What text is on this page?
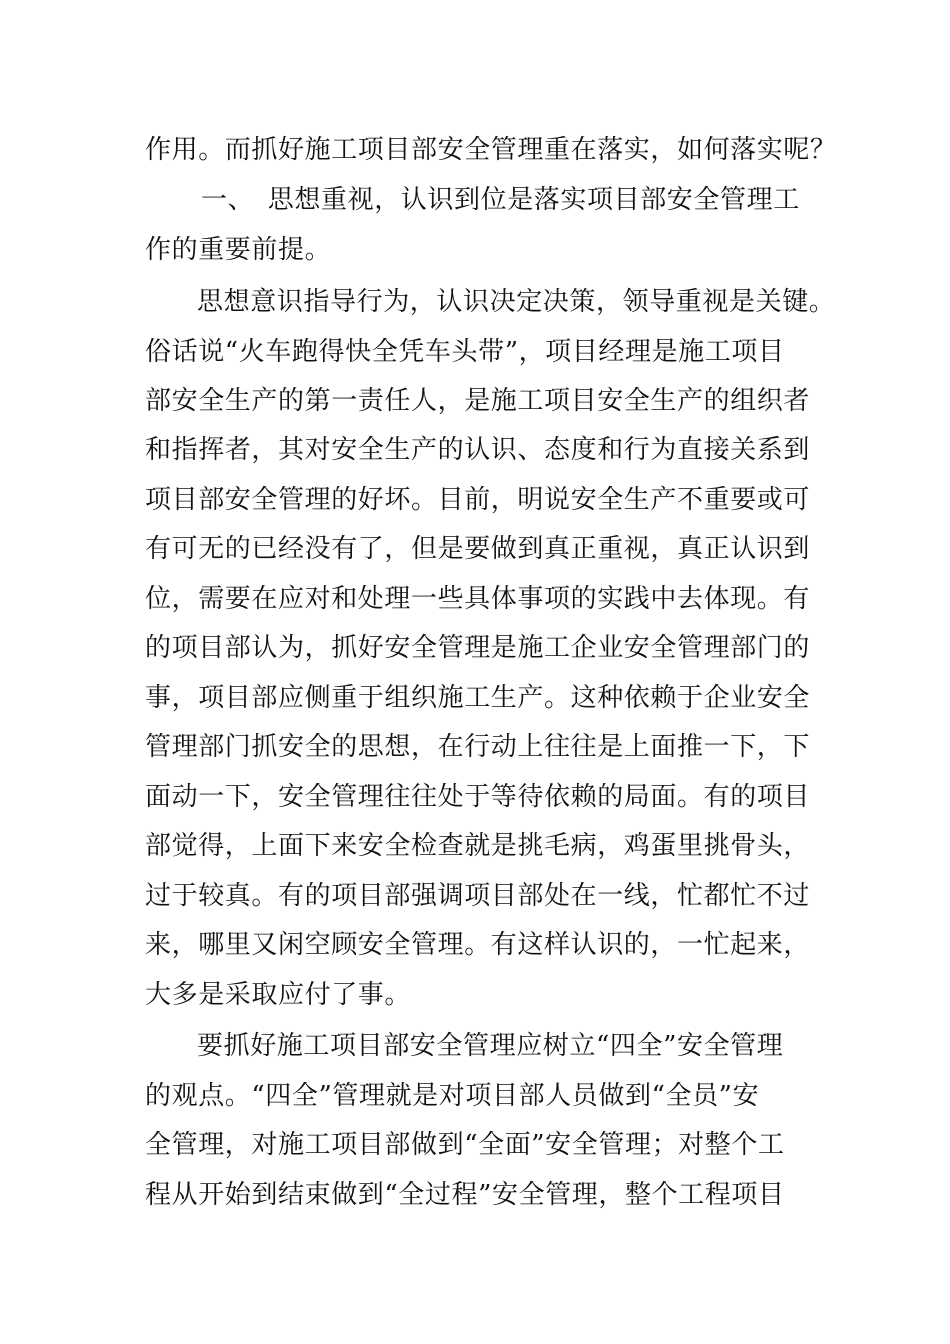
作用。而抓好施工项目部安全管理重在落实，如何落实呢？
一、　思想重视，认识到位是落实项目部安全管理工
作的重要前提。
思想意识指导行为，认识决定决策，领导重视是关键。
俗话说“火车跑得快全凭车头带”，项目经理是施工项目
部安全生产的第一责任人，是施工项目安全生产的组织者
和指挥者，其对安全生产的认识、态度和行为直接关系到
项目部安全管理的好坏。目前，明说安全生产不重要或可
有可无的已经没有了，但是要做到真正重视，真正认识到
位，需要在应对和处理一些具体事项的实践中去体现。有
的项目部认为，抓好安全管理是施工企业安全管理部门的
事，项目部应侧重于组织施工生产。这种依赖于企业安全
管理部门抓安全的思想，在行动上往往是上面推一下，下
面动一下，安全管理往往处于等待依赖的局面。有的项目
部觉得，上面下来安全检查就是挑毛病，鸡蛋里挑骨头，
过于较真。有的项目部强调项目部处在一线，忙都忙不过
来，哪里又闲空顾安全管理。有这样认识的，一忙起来，
大多是采取应付了事。
要抓好施工项目部安全管理应树立“四全”安全管理
的观点。“四全”管理就是对项目部人员做到“全员”安
全管理，对施工项目部做到“全面”安全管理；对整个工
程从开始到结束做到“全过程”安全管理，整个工程项目
